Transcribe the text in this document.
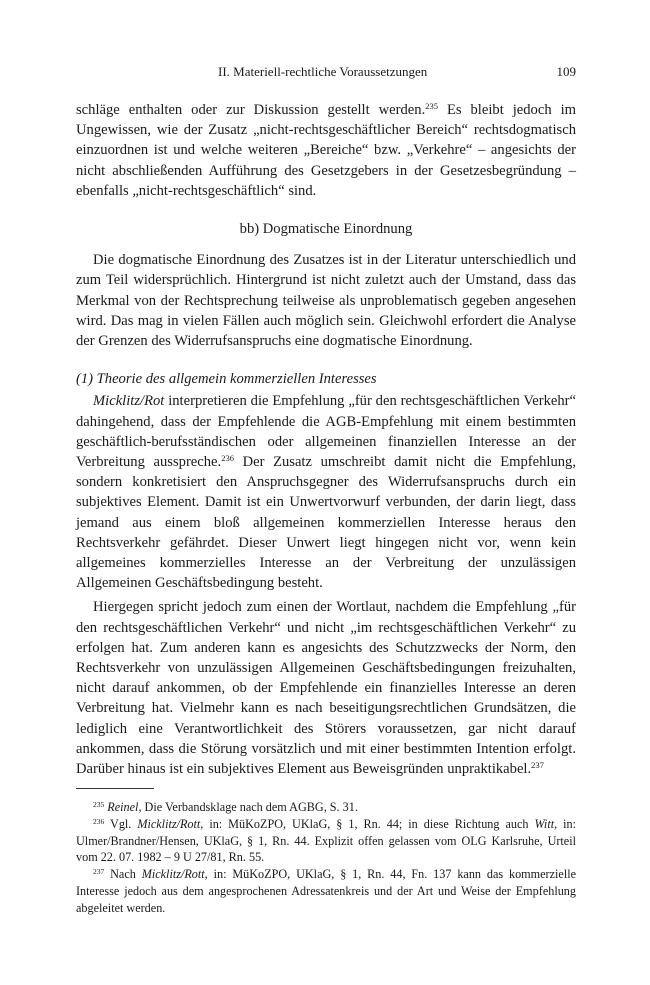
II. Materiell-rechtliche Voraussetzungen	109

schläge enthalten oder zur Diskussion gestellt werden.$^{235}$ Es bleibt jedoch im Ungewissen, wie der Zusatz „nicht-rechtsgeschäftlicher Bereich“ rechtsdogmatisch einzuordnen ist und welche weiteren „Bereiche“ bzw. „Verkehre“ – angesichts der nicht abschließenden Aufführung des Gesetzgebers in der Gesetzesbegründung – ebenfalls „nicht-rechtsgeschäftlich“ sind.

bb) Dogmatische Einordnung

Die dogmatische Einordnung des Zusatzes ist in der Literatur unterschiedlich und zum Teil widersprüchlich. Hintergrund ist nicht zuletzt auch der Umstand, dass das Merkmal von der Rechtsprechung teilweise als unproblematisch gegeben angesehen wird. Das mag in vielen Fällen auch möglich sein. Gleichwohl erfordert die Analyse der Grenzen des Widerrufsanspruchs eine dogmatische Einordnung.

(1) Theorie des allgemein kommerziellen Interesses

Micklitz/Rot interpretieren die Empfehlung „für den rechtsgeschäftlichen Verkehr“ dahingehend, dass der Empfehlende die AGB-Empfehlung mit einem bestimmten geschäftlich-berufsständischen oder allgemeinen finanziellen Interesse an der Verbreitung ausspreche.$^{236}$ Der Zusatz umschreibt damit nicht die Empfehlung, sondern konkretisiert den Anspruchsgegner des Widerrufsanspruchs durch ein subjektives Element. Damit ist ein Unwertvorwurf verbunden, der darin liegt, dass jemand aus einem bloß allgemeinen kommerziellen Interesse heraus den Rechtsverkehr gefährdet. Dieser Unwert liegt hingegen nicht vor, wenn kein allgemeines kommerzielles Interesse an der Verbreitung der unzulässigen Allgemeinen Geschäftsbedingung besteht.

Hiergegen spricht jedoch zum einen der Wortlaut, nachdem die Empfehlung „für den rechtsgeschäftlichen Verkehr“ und nicht „im rechtsgeschäftlichen Verkehr“ zu erfolgen hat. Zum anderen kann es angesichts des Schutzzwecks der Norm, den Rechtsverkehr von unzulässigen Allgemeinen Geschäftsbedingungen freizuhalten, nicht darauf ankommen, ob der Empfehlende ein finanzielles Interesse an deren Verbreitung hat. Vielmehr kann es nach beseitigungsrechtlichen Grundsätzen, die lediglich eine Verantwortlichkeit des Störers voraussetzen, gar nicht darauf ankommen, dass die Störung vorsätzlich und mit einer bestimmten Intention erfolgt. Darüber hinaus ist ein subjektives Element aus Beweisgründen unpraktikabel.$^{237}$

$^{235}$ Reinel, Die Verbandsklage nach dem AGBG, S. 31.

$^{236}$ Vgl. Micklitz/Rott, in: MüKoZPO, UKlaG, § 1, Rn. 44; in diese Richtung auch Witt, in: Ulmer/Brandner/Hensen, UKlaG, § 1, Rn. 44. Explizit offen gelassen vom OLG Karlsruhe, Urteil vom 22. 07. 1982 – 9 U 27/81, Rn. 55.

$^{237}$ Nach Micklitz/Rott, in: MüKoZPO, UKlaG, § 1, Rn. 44, Fn. 137 kann das kommerzielle Interesse jedoch aus dem angesprochenen Adressatenkreis und der Art und Weise der Empfehlung abgeleitet werden.
